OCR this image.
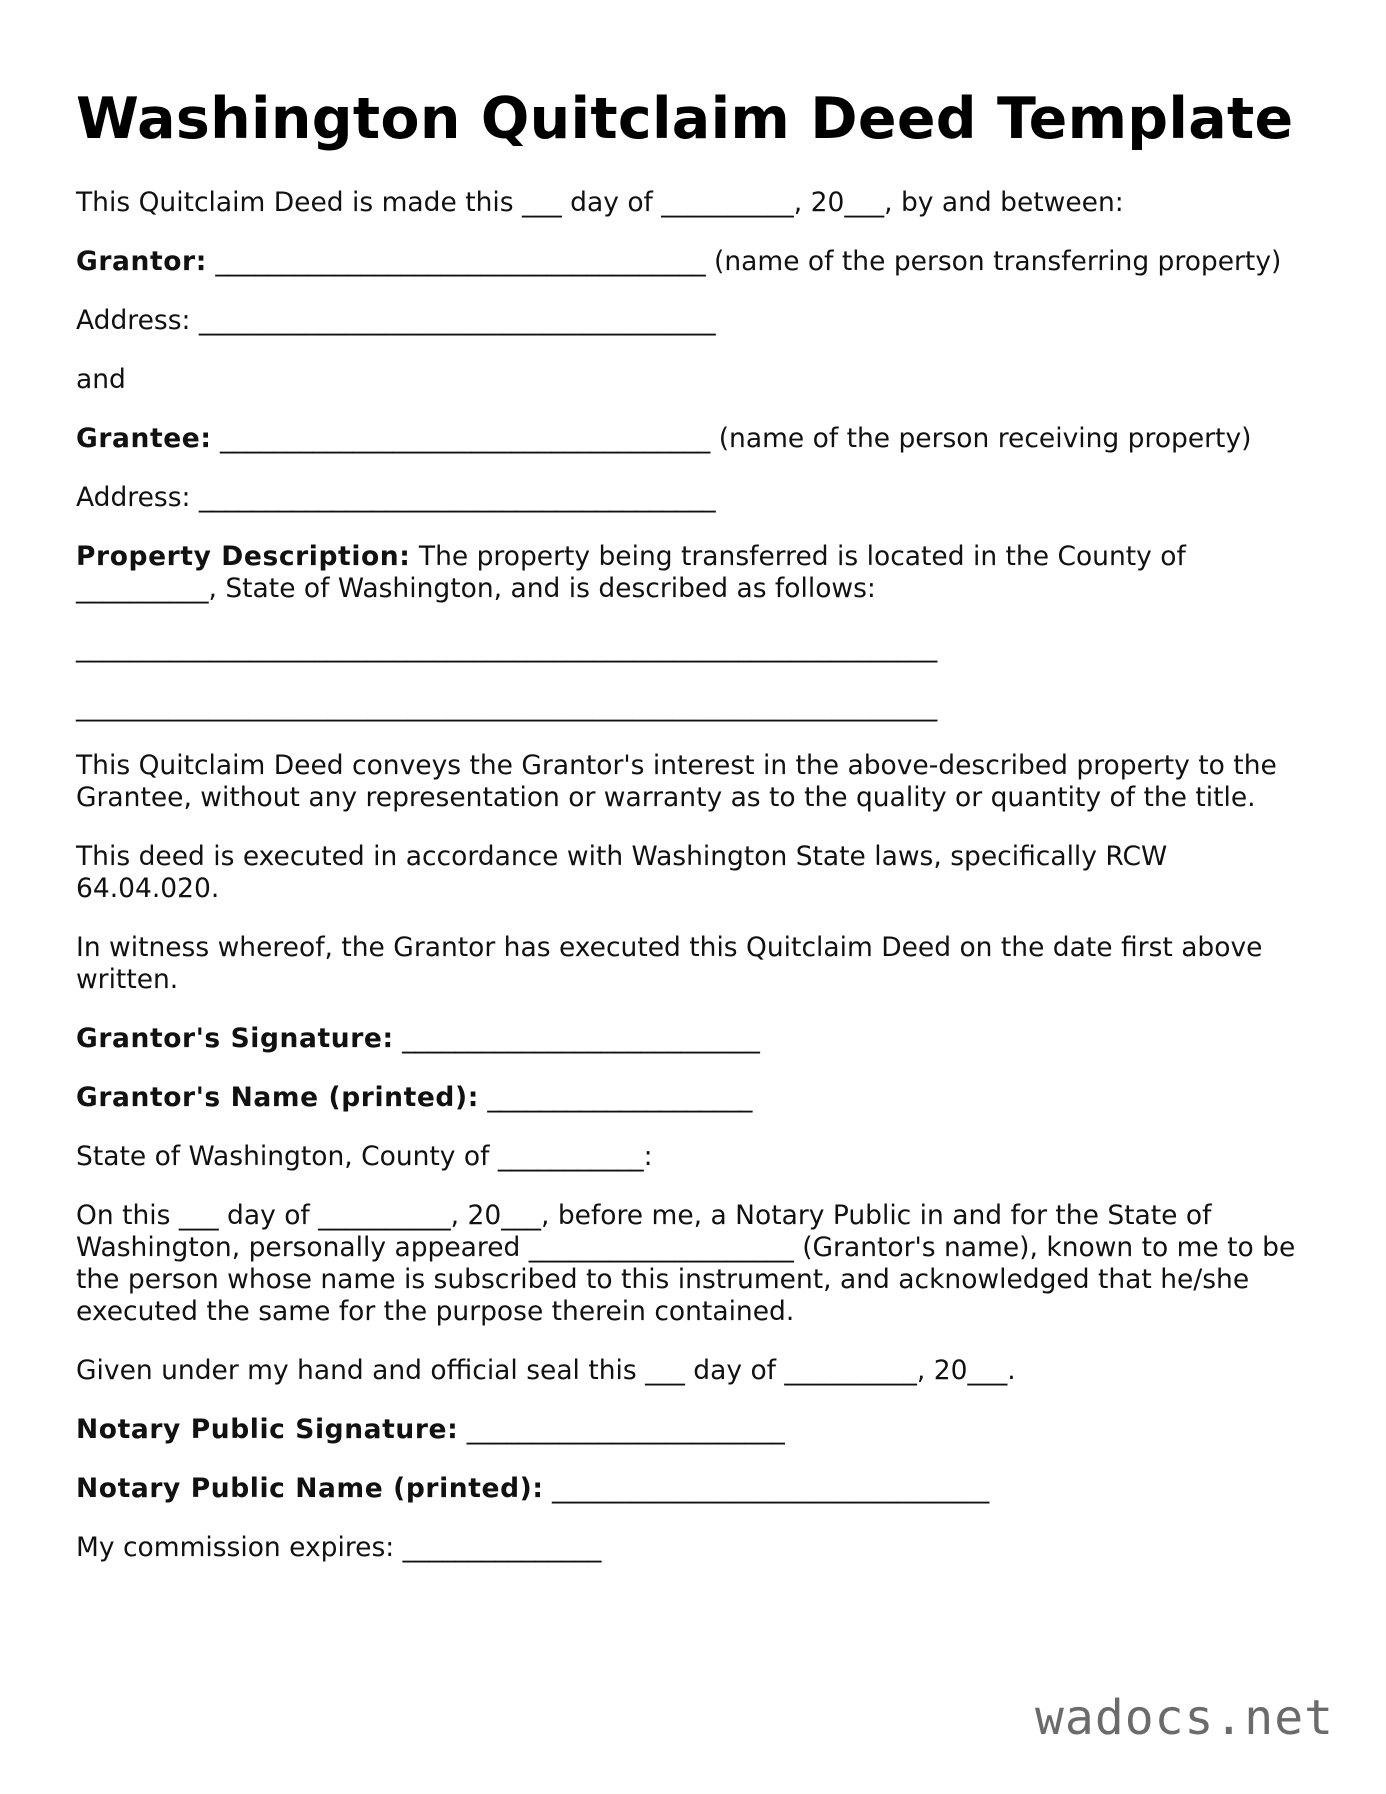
Washington Quitclaim Deed Template

This Quitclaim Deed is made this ___ day of __________, 20___, by and between:

Grantor: _____________________________________ (name of the person transferring property)

Address: _______________________________________

and

Grantee: _____________________________________ (name of the person receiving property)

Address: _______________________________________

Property Description: The property being transferred is located in the County of __________, State of Washington, and is described as follows:

_________________________________________________________________

_________________________________________________________________

This Quitclaim Deed conveys the Grantor's interest in the above-described property to the Grantee, without any representation or warranty as to the quality or quantity of the title.

This deed is executed in accordance with Washington State laws, specifically RCW 64.04.020.

In witness whereof, the Grantor has executed this Quitclaim Deed on the date first above written.

Grantor's Signature: ___________________________

Grantor's Name (printed): ____________________

State of Washington, County of ___________:

On this ___ day of __________, 20___, before me, a Notary Public in and for the State of Washington, personally appeared ____________________ (Grantor's name), known to me to be the person whose name is subscribed to this instrument, and acknowledged that he/she executed the same for the purpose therein contained.

Given under my hand and official seal this ___ day of __________, 20___.

Notary Public Signature: ________________________

Notary Public Name (printed): _________________________________

My commission expires: _______________

wadocs.net
